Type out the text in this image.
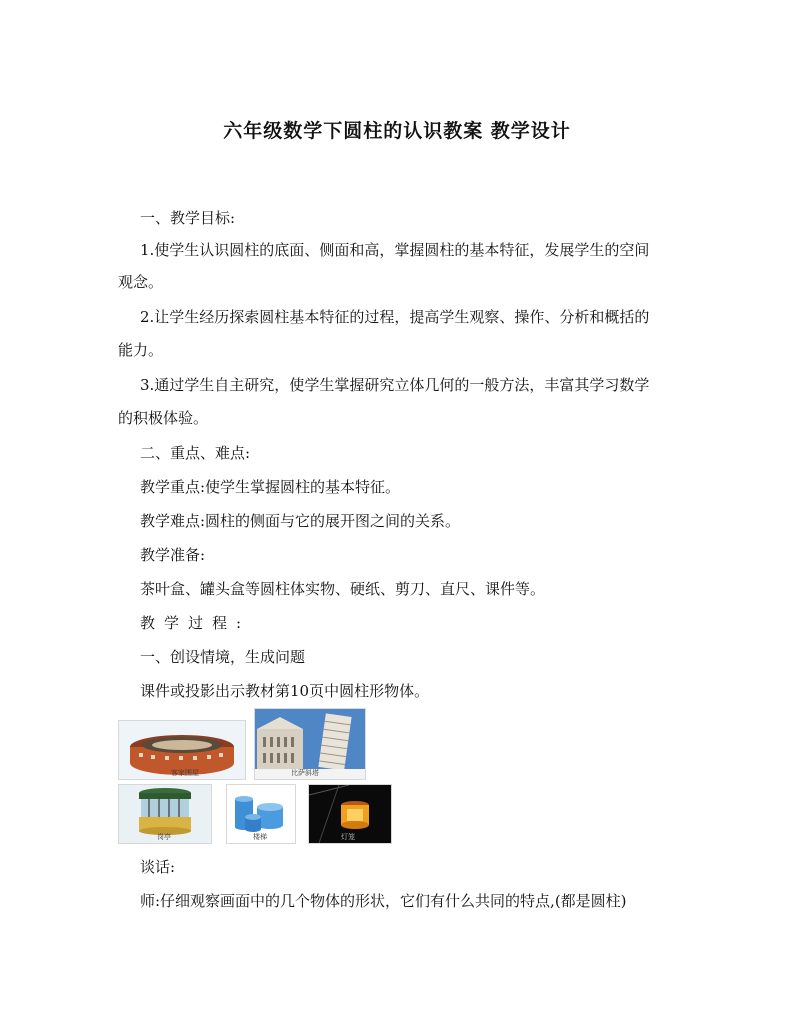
六年级数学下圆柱的认识教案 教学设计
一、教学目标:
1.使学生认识圆柱的底面、侧面和高，掌握圆柱的基本特征，发展学生的空间
观念。
2.让学生经历探索圆柱基本特征的过程，提高学生观察、操作、分析和概括的
能力。
3.通过学生自主研究，使学生掌握研究立体几何的一般方法，丰富其学习数学
的积极体验。
二、重点、难点:
教学重点:使学生掌握圆柱的基本特征。
教学难点:圆柱的侧面与它的展开图之间的关系。
教学准备:
茶叶盒、罐头盒等圆柱体实物、硬纸、剪刀、直尺、课件等。
教学过程:
一、创设情境，生成问题
课件或投影出示教材第10页中圆柱形物体。
客家围屋	比萨斜塔
岗亭	楼梯	灯笼
谈话:
师:仔细观察画面中的几个物体的形状，它们有什么共同的特点,(都是圆柱)
